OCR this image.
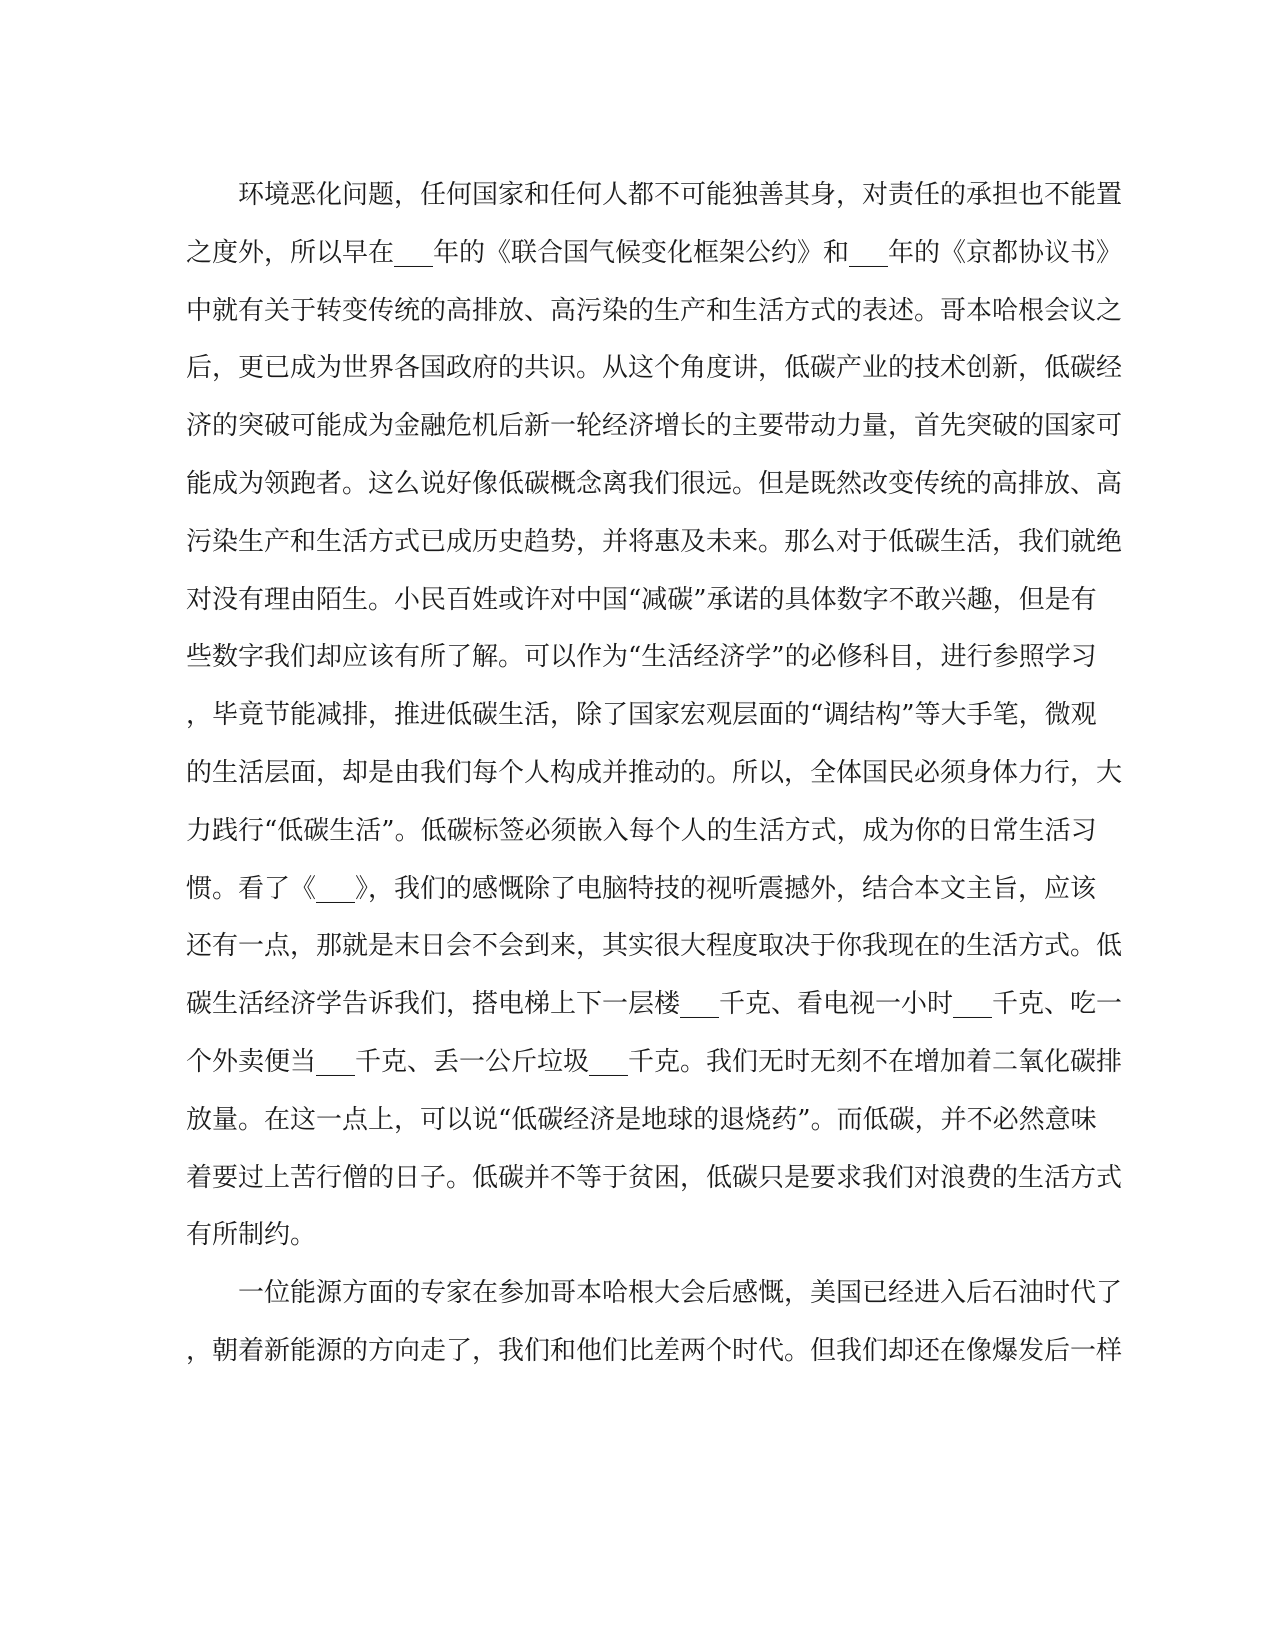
环境恶化问题，任何国家和任何人都不可能独善其身，对责任的承担也不能置
之度外，所以早在___年的《联合国气候变化框架公约》和___年的《京都协议书》
中就有关于转变传统的高排放、高污染的生产和生活方式的表述。哥本哈根会议之
后，更已成为世界各国政府的共识。从这个角度讲，低碳产业的技术创新，低碳经
济的突破可能成为金融危机后新一轮经济增长的主要带动力量，首先突破的国家可
能成为领跑者。这么说好像低碳概念离我们很远。但是既然改变传统的高排放、高
污染生产和生活方式已成历史趋势，并将惠及未来。那么对于低碳生活，我们就绝
对没有理由陌生。小民百姓或许对中国“减碳”承诺的具体数字不敢兴趣，但是有
些数字我们却应该有所了解。可以作为“生活经济学”的必修科目，进行参照学习
，毕竟节能减排，推进低碳生活，除了国家宏观层面的“调结构”等大手笔，微观
的生活层面，却是由我们每个人构成并推动的。所以，全体国民必须身体力行，大
力践行“低碳生活”。低碳标签必须嵌入每个人的生活方式，成为你的日常生活习
惯。看了《___》，我们的感慨除了电脑特技的视听震撼外，结合本文主旨，应该
还有一点，那就是末日会不会到来，其实很大程度取决于你我现在的生活方式。低
碳生活经济学告诉我们，搭电梯上下一层楼___千克、看电视一小时___千克、吃一
个外卖便当___千克、丢一公斤垃圾___千克。我们无时无刻不在增加着二氧化碳排
放量。在这一点上，可以说“低碳经济是地球的退烧药”。而低碳，并不必然意味
着要过上苦行僧的日子。低碳并不等于贫困，低碳只是要求我们对浪费的生活方式
有所制约。
一位能源方面的专家在参加哥本哈根大会后感慨，美国已经进入后石油时代了
，朝着新能源的方向走了，我们和他们比差两个时代。但我们却还在像爆发后一样
